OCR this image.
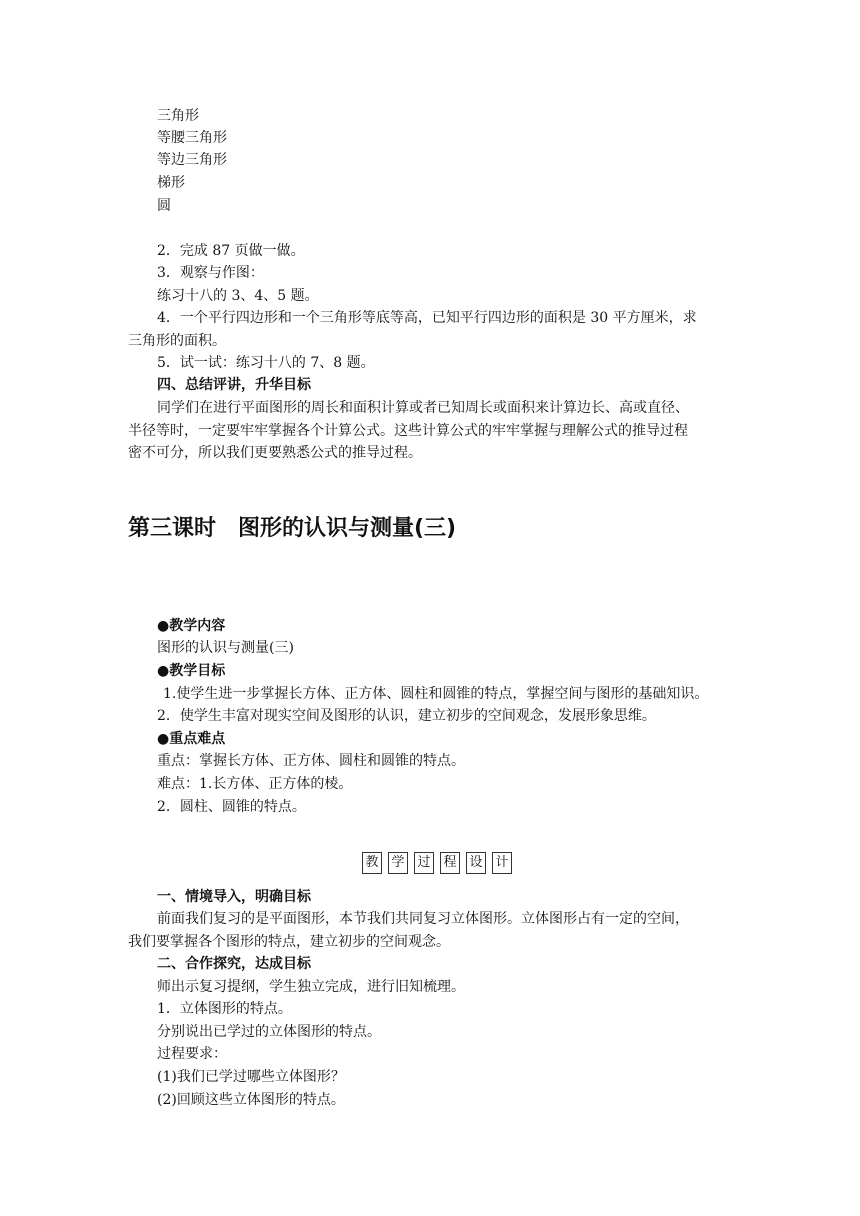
三角形
等腰三角形
等边三角形
梯形
圆
2．完成 87 页做一做。
3．观察与作图：
练习十八的 3、4、5 题。
4．一个平行四边形和一个三角形等底等高，已知平行四边形的面积是 30 平方厘米，求
三角形的面积。
5．试一试：练习十八的 7、8 题。
四、总结评讲，升华目标
同学们在进行平面图形的周长和面积计算或者已知周长或面积来计算边长、高或直径、
半径等时，一定要牢牢掌握各个计算公式。这些计算公式的牢牢掌握与理解公式的推导过程
密不可分，所以我们更要熟悉公式的推导过程。
第三课时　图形的认识与测量(三)
●教学内容
图形的认识与测量(三)
●教学目标
1.使学生进一步掌握长方体、正方体、圆柱和圆锥的特点，掌握空间与图形的基础知识。
2．使学生丰富对现实空间及图形的认识，建立初步的空间观念，发展形象思维。
●重点难点
重点：掌握长方体、正方体、圆柱和圆锥的特点。
难点：1.长方体、正方体的棱。
2．圆柱、圆锥的特点。
教 学 过 程 设 计
一、情境导入，明确目标
前面我们复习的是平面图形，本节我们共同复习立体图形。立体图形占有一定的空间，
我们要掌握各个图形的特点，建立初步的空间观念。
二、合作探究，达成目标
师出示复习提纲，学生独立完成，进行旧知梳理。
1．立体图形的特点。
分别说出已学过的立体图形的特点。
过程要求：
(1)我们已学过哪些立体图形？
(2)回顾这些立体图形的特点。
